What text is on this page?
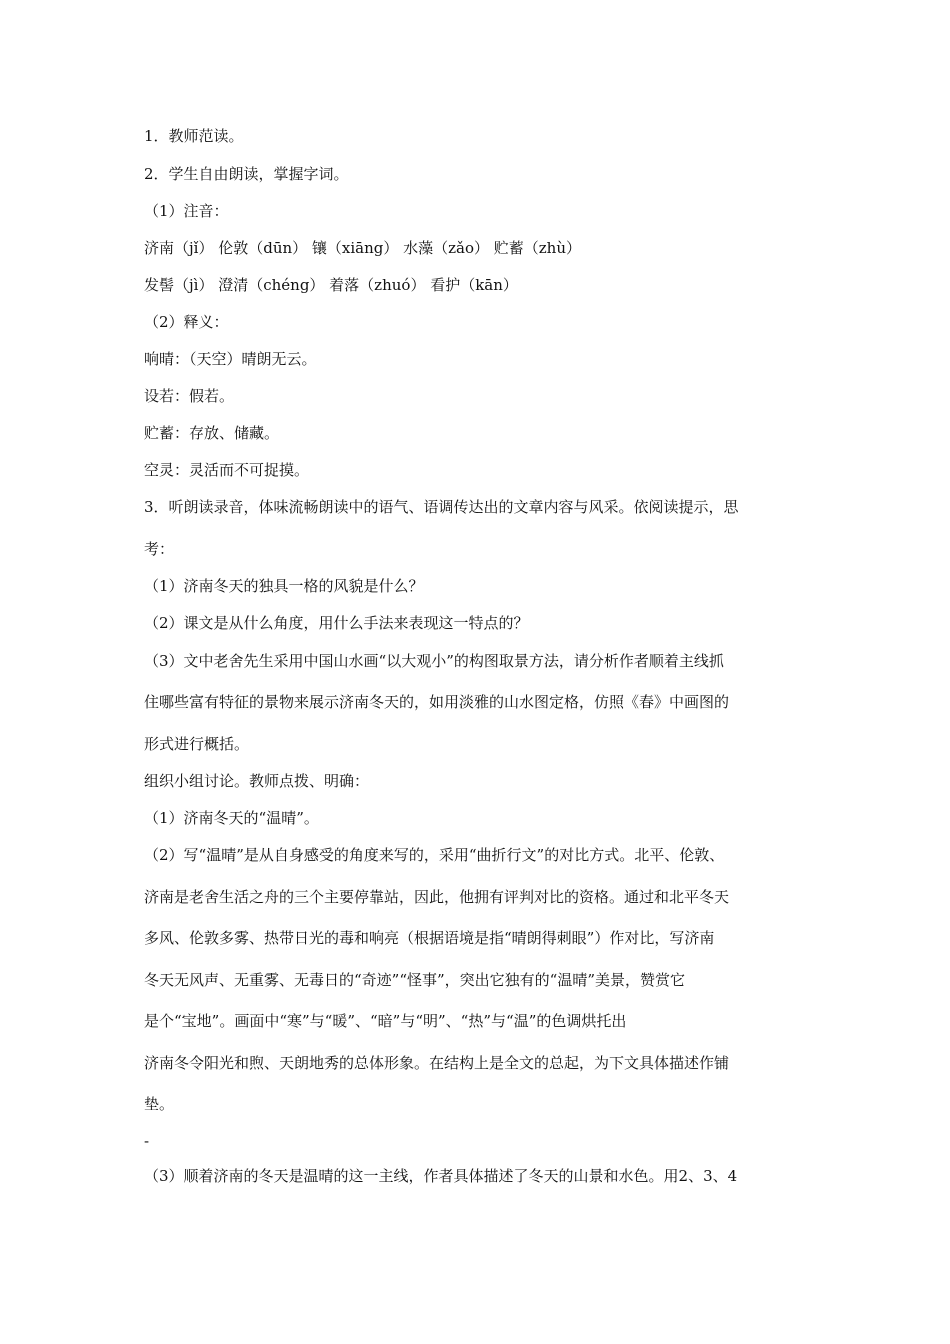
1．教师范读。
2．学生自由朗读，掌握字词。
（1）注音：
济南（jǐ） 伦敦（dūn） 镶（xiāng） 水藻（zǎo） 贮蓄（zhù）
发髻（jì） 澄清（chéng） 着落（zhuó） 看护（kān）
（2）释义：
响晴：（天空）晴朗无云。
设若：假若。
贮蓄：存放、储藏。
空灵：灵活而不可捉摸。
3．听朗读录音，体味流畅朗读中的语气、语调传达出的文章内容与风采。依阅读提示，思
考：
（1）济南冬天的独具一格的风貌是什么？
（2）课文是从什么角度，用什么手法来表现这一特点的？
（3）文中老舍先生采用中国山水画“以大观小”的构图取景方法，请分析作者顺着主线抓
住哪些富有特征的景物来展示济南冬天的，如用淡雅的山水图定格，仿照《春》中画图的
形式进行概括。
组织小组讨论。教师点拨、明确：
（1）济南冬天的“温晴”。
（2）写“温晴”是从自身感受的角度来写的，采用“曲折行文”的对比方式。北平、伦敦、
济南是老舍生活之舟的三个主要停靠站，因此，他拥有评判对比的资格。通过和北平冬天
多风、伦敦多雾、热带日光的毒和响亮（根据语境是指“晴朗得刺眼”）作对比，写济南
冬天无风声、无重雾、无毒日的“奇迹”“怪事”，突出它独有的“温晴”美景，赞赏它
是个“宝地”。画面中“寒”与“暖”、“暗”与“明”、“热”与“温”的色调烘托出
济南冬令阳光和煦、天朗地秀的总体形象。在结构上是全文的总起，为下文具体描述作铺
垫。
-
（3）顺着济南的冬天是温晴的这一主线，作者具体描述了冬天的山景和水色。用2、3、4
